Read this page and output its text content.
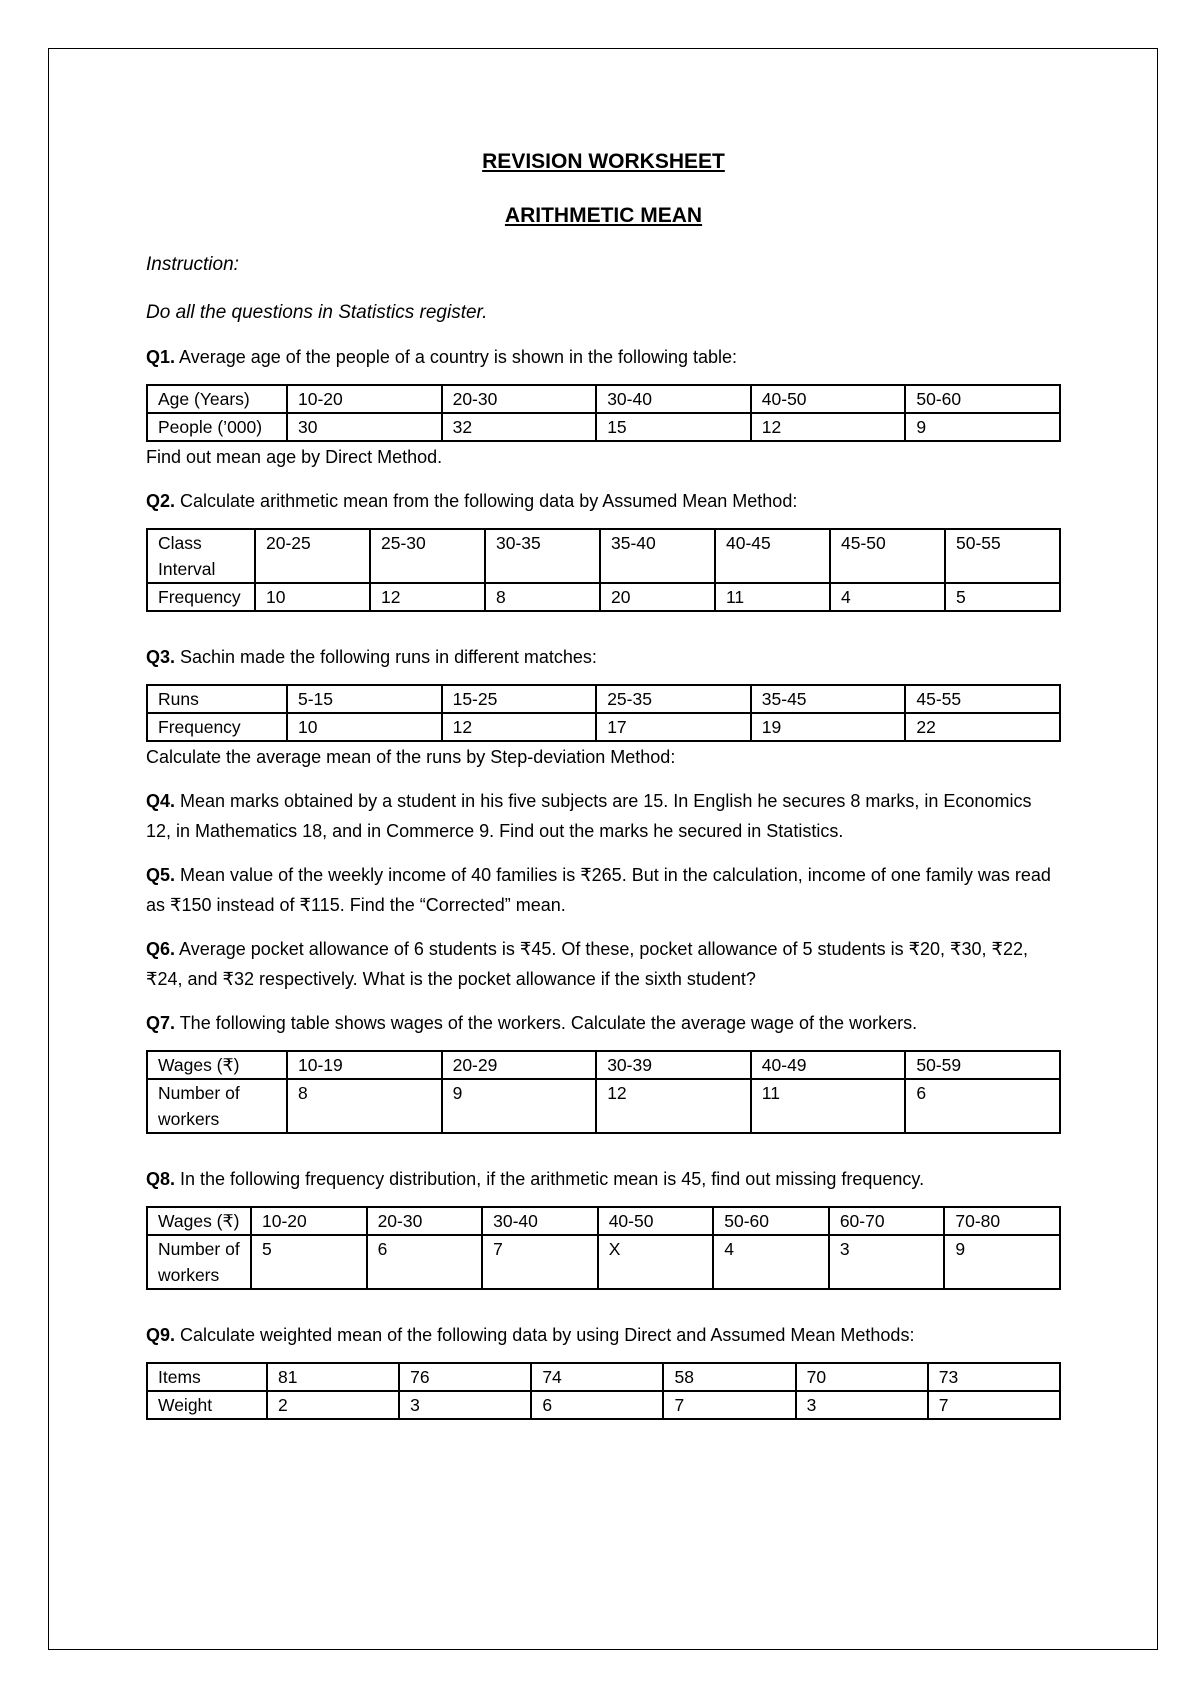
REVISION WORKSHEET

ARITHMETIC MEAN

Instruction:

Do all the questions in Statistics register.

Q1. Average age of the people of a country is shown in the following table:

Age (Years)	10-20	20-30	30-40	40-50	50-60
People (’000)	30	32	15	12	9

Find out mean age by Direct Method.

Q2. Calculate arithmetic mean from the following data by Assumed Mean Method:

Class Interval	20-25	25-30	30-35	35-40	40-45	45-50	50-55
Frequency	10	12	8	20	11	4	5

Q3. Sachin made the following runs in different matches:

Runs	5-15	15-25	25-35	35-45	45-55
Frequency	10	12	17	19	22

Calculate the average mean of the runs by Step-deviation Method:

Q4. Mean marks obtained by a student in his five subjects are 15. In English he secures 8 marks, in Economics 12, in Mathematics 18, and in Commerce 9. Find out the marks he secured in Statistics.

Q5. Mean value of the weekly income of 40 families is ₹265. But in the calculation, income of one family was read as ₹150 instead of ₹115. Find the “Corrected” mean.

Q6. Average pocket allowance of 6 students is ₹45. Of these, pocket allowance of 5 students is ₹20, ₹30, ₹22, ₹24, and ₹32 respectively. What is the pocket allowance if the sixth student?

Q7. The following table shows wages of the workers. Calculate the average wage of the workers.

Wages (₹)	10-19	20-29	30-39	40-49	50-59
Number of workers	8	9	12	11	6

Q8. In the following frequency distribution, if the arithmetic mean is 45, find out missing frequency.

Wages (₹)	10-20	20-30	30-40	40-50	50-60	60-70	70-80
Number of workers	5	6	7	X	4	3	9

Q9. Calculate weighted mean of the following data by using Direct and Assumed Mean Methods:

Items	81	76	74	58	70	73
Weight	2	3	6	7	3	7
